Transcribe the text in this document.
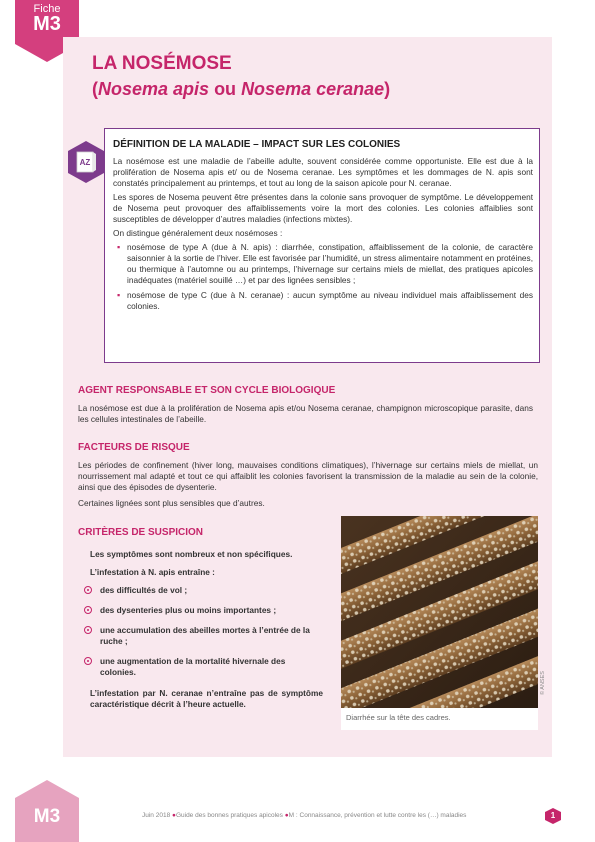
Fiche
M3
LA NOSÉMOSE
(Nosema apis ou Nosema ceranae)
DÉFINITION DE LA MALADIE – IMPACT SUR LES COLONIES

La nosémose est une maladie de l’abeille adulte, souvent considérée comme opportuniste. Elle est due à la prolifération de Nosema apis et/ ou de Nosema ceranae. Les symptômes et les dommages de N. apis sont constatés principalement au printemps, et tout au long de la saison apicole pour N. ceranae.

Les spores de Nosema peuvent être présentes dans la colonie sans provoquer de symptôme. Le développement de Nosema peut provoquer des affaiblissements voire la mort des colonies. Les colonies affaiblies sont susceptibles de développer d’autres maladies (infections mixtes).

On distingue généralement deux nosémoses :

▪ nosémose de type A (due à N. apis) : diarrhée, constipation, affaiblissement de la colonie, de caractère saisonnier à la sortie de l’hiver. Elle est favorisée par l’humidité, un stress alimentaire notamment en protéines, ou thermique à l’automne ou au printemps, l’hivernage sur certains miels de miellat, des pratiques apicoles inadéquates (matériel souillé …) et par des lignées sensibles ;
▪ nosémose de type C (due à N. ceranae) : aucun symptôme au niveau individuel mais affaiblissement des colonies.
AZ
AGENT RESPONSABLE ET SON CYCLE BIOLOGIQUE
La nosémose est due à la prolifération de Nosema apis et/ou Nosema ceranae, champignon microscopique parasite, dans les cellules intestinales de l’abeille.
FACTEURS DE RISQUE
Les périodes de confinement (hiver long, mauvaises conditions climatiques), l’hivernage sur certains miels de miellat, un nourrissement mal adapté et tout ce qui affaiblit les colonies favorisent la transmission de la maladie au sein de la colonie, ainsi que des épisodes de dysenterie.
Certaines lignées sont plus sensibles que d’autres.
CRITÈRES DE SUSPICION

Les symptômes sont nombreux et non spécifiques.

L’infestation à N. apis entraîne :

des difficultés de vol ;
des dysenteries plus ou moins importantes ;
une accumulation des abeilles mortes à l’entrée de la ruche ;
une augmentation de la mortalité hivernale des colonies.

L’infestation par N. ceranae n’entraîne pas de symptôme caractéristique décrit à l’heure actuelle.

Diarrhée sur la tête des cadres.
© ANSES
M3	Juin 2018 ●Guide des bonnes pratiques apicoles ●M : Connaissance, prévention et lutte contre les (…) maladies	1
